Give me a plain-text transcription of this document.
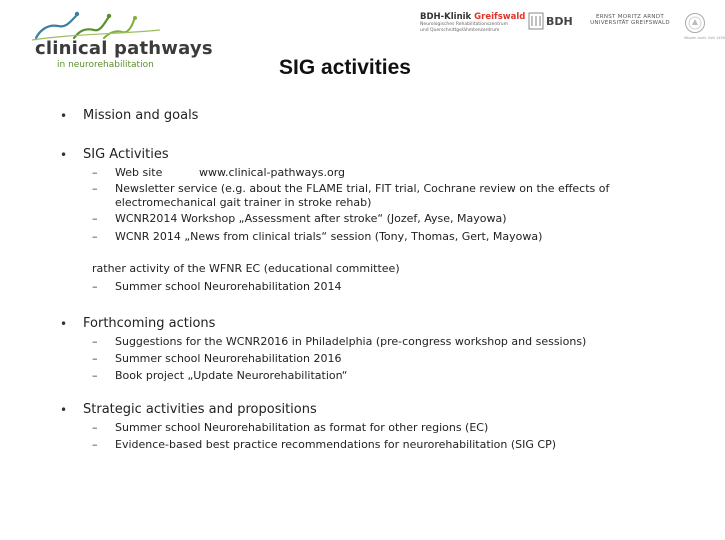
clinical pathways
in neurorehabilitation
BDH-Klinik Greifswald
Neurologisches Rehabilitationszentrum
und Querschnittgelähmtenzentrum
BDH	ERNST MORITZ ARNDT
UNIVERSITÄT GREIFSWALD
Wissen lockt. Seit 1456
SIG activities
• Mission and goals
• SIG Activities
– Web site	www.clinical-pathways.org
– Newsletter service (e.g. about the FLAME trial, FIT trial, Cochrane review on the effects of
electromechanical gait trainer in stroke rehab)
– WCNR2014 Workshop „Assessment after stroke“ (Jozef, Ayse, Mayowa)
– WCNR 2014 „News from clinical trials“ session (Tony, Thomas, Gert, Mayowa)
rather activity of the WFNR EC (educational committee)
– Summer school Neurorehabilitation 2014
• Forthcoming actions
– Suggestions for the WCNR2016 in Philadelphia (pre-congress workshop and sessions)
– Summer school Neurorehabilitation 2016
– Book project „Update Neurorehabilitation“
• Strategic activities and propositions
– Summer school Neurorehabilitation as format for other regions (EC)
– Evidence-based best practice recommendations for neurorehabilitation (SIG CP)
